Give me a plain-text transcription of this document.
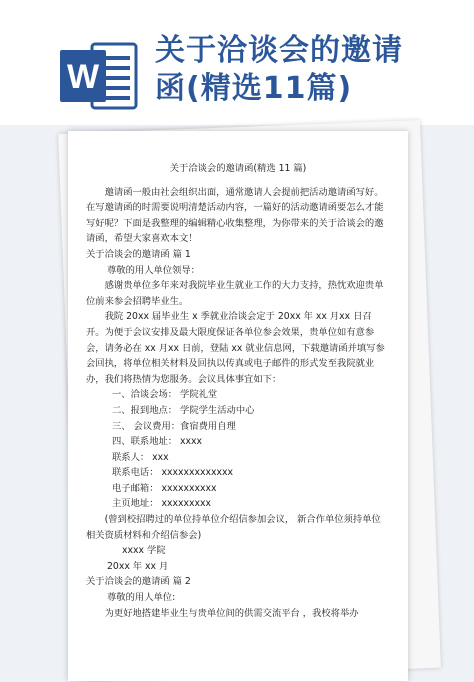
W
关于洽谈会的邀请
函(精选11篇)

关于洽谈会的邀请函(精选 11 篇)

邀请函一般由社会组织出面，通常邀请人会提前把活动邀请函写好。在写邀请函的时需要说明清楚活动内容，一篇好的活动邀请函要怎么才能写好呢？下面是我整理的编辑精心收集整理，为你带来的关于洽谈会的邀请函，希望大家喜欢本文！

关于洽谈会的邀请函 篇 1

尊敬的用人单位领导：

感谢贵单位多年来对我院毕业生就业工作的大力支持，热忱欢迎贵单位前来参会招聘毕业生。

我院 20xx 届毕业生 x 季就业洽谈会定于 20xx 年 xx 月xx 日召开。为便于会议安排及最大限度保证各单位参会效果，贵单位如有意参会，请务必在 xx 月xx 日前，登陆 xx 就业信息网，下载邀请函并填写参会回执，将单位相关材料及回执以传真或电子邮件的形式发至我院就业办，我们将热情为您服务。会议具体事宜如下：

一、洽谈会场： 学院礼堂

二、报到地点： 学院学生活动中心

三、 会议费用：食宿费用自理

四、联系地址： xxxx

联系人： xxx

联系电话： xxxxxxxxxxxxx

电子邮箱： xxxxxxxxxx

主页地址： xxxxxxxxx

(曾到校招聘过的单位持单位介绍信参加会议， 新合作单位须持单位相关资质材料和介绍信参会)

xxxx 学院

20xx 年 xx 月

关于洽谈会的邀请函 篇 2

尊敬的用人单位:

为更好地搭建毕业生与贵单位间的供需交流平台 ，我校将举办
